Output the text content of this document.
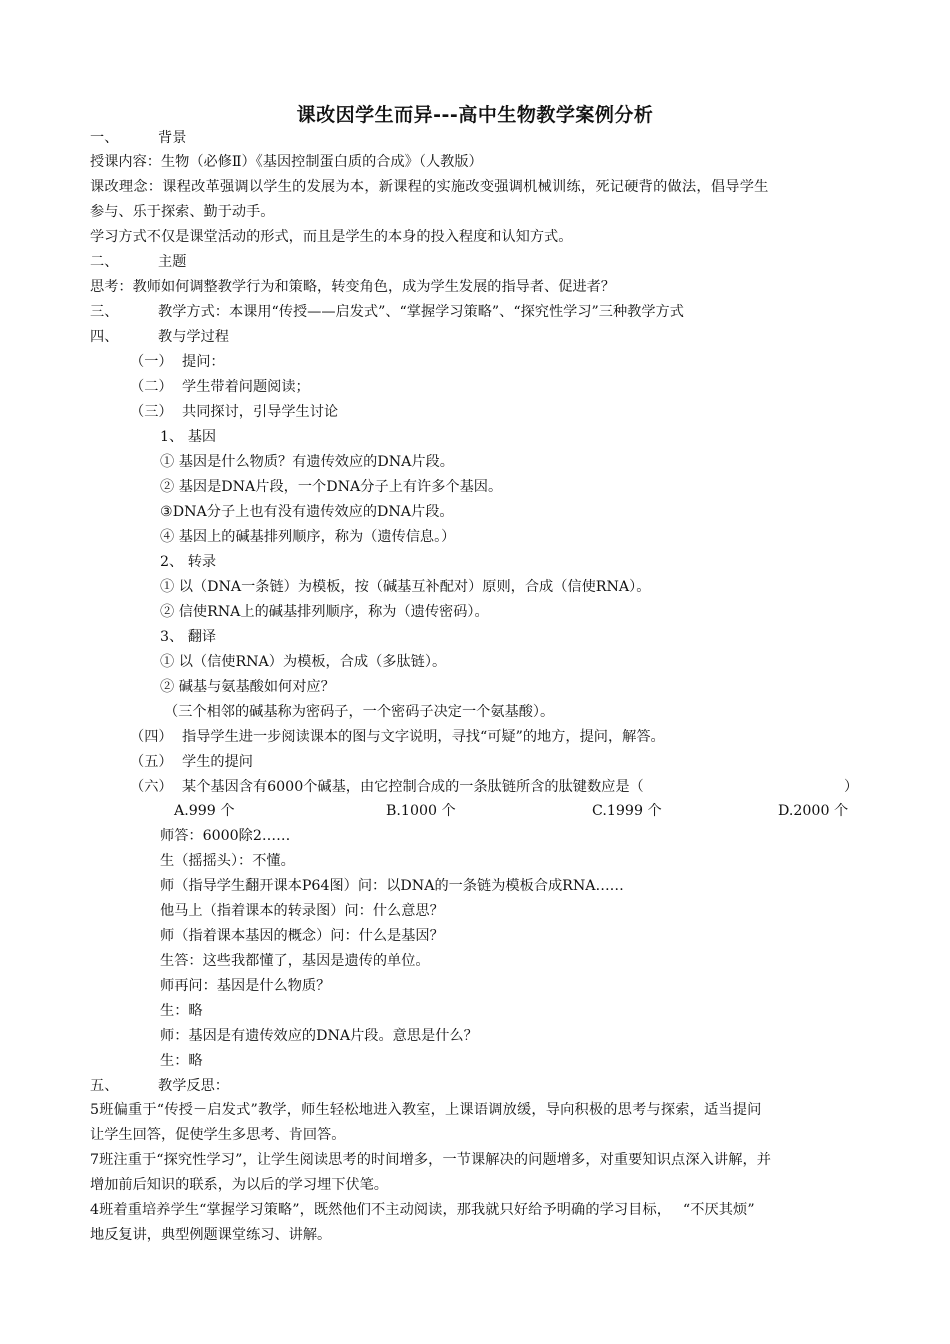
课改因学生而异---高中生物教学案例分析
一、	背景
授课内容：生物（必修Ⅱ）《基因控制蛋白质的合成》（人教版）
课改理念：课程改革强调以学生的发展为本，新课程的实施改变强调机械训练，死记硬背的做法，倡导学生
参与、乐于探索、勤于动手。
学习方式不仅是课堂活动的形式，而且是学生的本身的投入程度和认知方式。
二、	主题
思考：教师如何调整教学行为和策略，转变角色，成为学生发展的指导者、促进者？
三、	教学方式：本课用“传授——启发式”、“掌握学习策略”、“探究性学习”三种教学方式
四、	教与学过程
（一） 提问：
（二） 学生带着问题阅读；
（三） 共同探讨，引导学生讨论
1、 基因
① 基因是什么物质？有遗传效应的DNA片段。
② 基因是DNA片段，一个DNA分子上有许多个基因。
③DNA分子上也有没有遗传效应的DNA片段。
④ 基因上的碱基排列顺序，称为（遗传信息。）
2、 转录
① 以（DNA一条链）为模板，按（碱基互补配对）原则，合成（信使RNA）。
② 信使RNA上的碱基排列顺序，称为（遗传密码）。
3、 翻译
① 以（信使RNA）为模板，合成（多肽链）。
② 碱基与氨基酸如何对应？
（三个相邻的碱基称为密码子，一个密码子决定一个氨基酸）。
（四） 指导学生进一步阅读课本的图与文字说明，寻找“可疑”的地方，提问，解答。
（五） 学生的提问
（六） 某个基因含有6000个碱基，由它控制合成的一条肽链所含的肽键数应是（	）
A.999 个	B.1000 个	C.1999 个	D.2000 个
师答：6000除2……
生（摇摇头）：不懂。
师（指导学生翻开课本P64图）问：以DNA的一条链为模板合成RNA……
他马上（指着课本的转录图）问：什么意思？
师（指着课本基因的概念）问：什么是基因？
生答：这些我都懂了，基因是遗传的单位。
师再问：基因是什么物质？
生：略
师：基因是有遗传效应的DNA片段。意思是什么？
生：略
五、	教学反思：
5班偏重于“传授－启发式”教学，师生轻松地进入教室，上课语调放缓，导向积极的思考与探索，适当提问
让学生回答，促使学生多思考、肯回答。
7班注重于“探究性学习”，让学生阅读思考的时间增多，一节课解决的问题增多，对重要知识点深入讲解，并
增加前后知识的联系，为以后的学习埋下伏笔。
4班着重培养学生“掌握学习策略”，既然他们不主动阅读，那我就只好给予明确的学习目标，　 “不厌其烦”
地反复讲，典型例题课堂练习、讲解。
